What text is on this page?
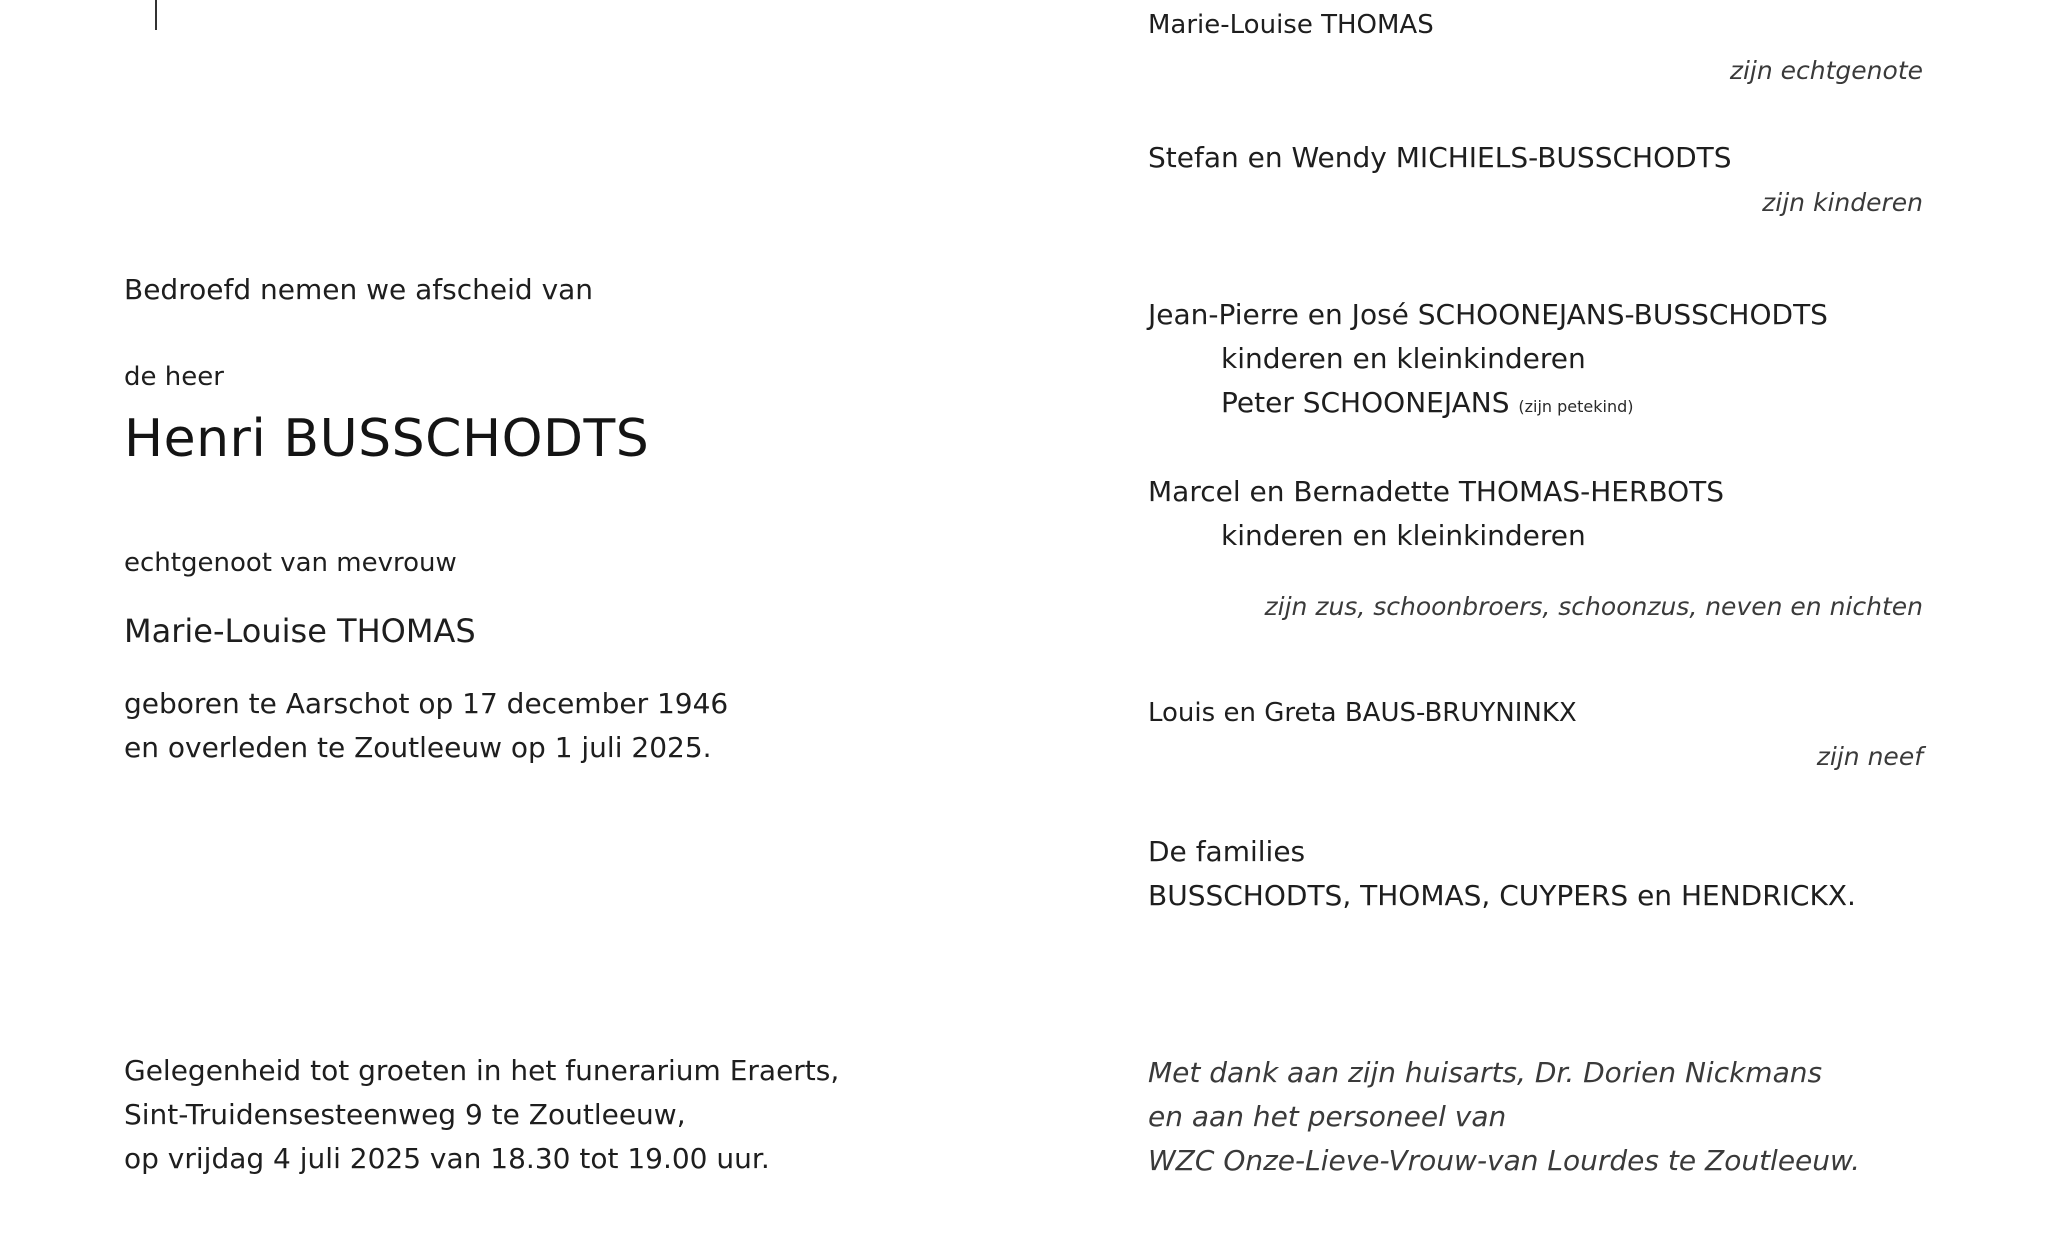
Bedroefd nemen we afscheid van
de heer
Henri BUSSCHODTS
echtgenoot van mevrouw
Marie-Louise THOMAS
geboren te Aarschot op 17 december 1946
en overleden te Zoutleeuw op 1 juli 2025.
Gelegenheid tot groeten in het funerarium Eraerts,
Sint-Truidensesteenweg 9 te Zoutleeuw,
op vrijdag 4 juli 2025 van 18.30 tot 19.00 uur.
Marie-Louise THOMAS
zijn echtgenote
Stefan en Wendy MICHIELS-BUSSCHODTS
zijn kinderen
Jean-Pierre en José SCHOONEJANS-BUSSCHODTS
kinderen en kleinkinderen
Peter SCHOONEJANS (zijn petekind)
Marcel en Bernadette THOMAS-HERBOTS
kinderen en kleinkinderen
zijn zus, schoonbroers, schoonzus, neven en nichten
Louis en Greta BAUS-BRUYNINKX
zijn neef
De families
BUSSCHODTS, THOMAS, CUYPERS en HENDRICKX.
Met dank aan zijn huisarts, Dr. Dorien Nickmans
en aan het personeel van
WZC Onze-Lieve-Vrouw-van Lourdes te Zoutleeuw.
